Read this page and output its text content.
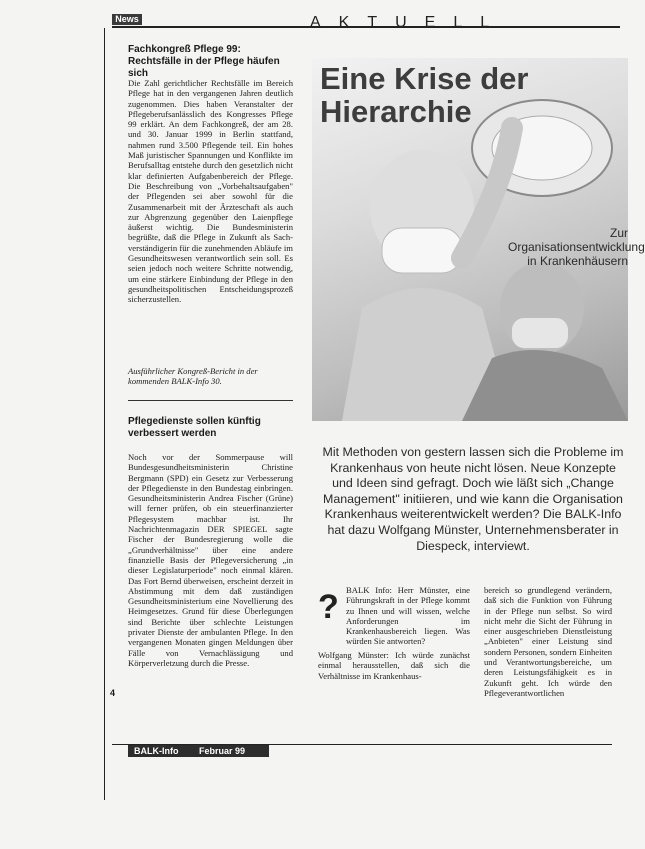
News	AKTUELL
Fachkongreß Pflege 99: Rechtsfälle in der Pflege häufen sich
Die Zahl gerichtlicher Rechtsfälle im Bereich Pflege hat in den vergangenen Jahren deutlich zugenommen. Dies haben Veranstalter der Pflegeberufsanlässlich des Kongresses Pflege 99 erklärt. An dem Fachkongreß, der am 28. und 30. Januar 1999 in Berlin stattfand, nahmen rund 3.500 Pflegende teil. Ein hohes Maß juristischer Spannungen und Konflikte im Berufsalltag entstehe durch den gesetzlich nicht klar definierten Aufgabenbereich der Pflege. Die Beschreibung von „Vorbehaltsaufgaben" der Pflegenden sei aber sowohl für die Zusammenarbeit mit der Ärzteschaft als auch zur Abgrenzung gegenüber den Laienpflege äußerst wichtig. Die Bundesministerin begrüßte, daß die Pflege in Zukunft als Sach-verständigerin für die zunehmenden Abläufe im Gesundheitswesen verantwortlich sein soll. Es seien jedoch noch weitere Schritte notwendig, um eine stärkere Einbindung der Pflege in den gesundheitspolitischen Entscheidungsprozeß sicherzustellen.
Ausführlicher Kongreß-Bericht in der kommenden BALK-Info 30.
Pflegedienste sollen künftig verbessert werden
Noch vor der Sommerpause will Bundesgesundheitsministerin Christine Bergmann (SPD) ein Gesetz zur Verbesserung der Pflegedienste in den Bundestag einbringen. Gesundheitsministerin Andrea Fischer (Grüne) will ferner prüfen, ob ein steuerfinanzierter Pflegesystem machbar ist. Ihr Nachrichtenmagazin DER SPIEGEL sagte Fischer der Bundesregierung wolle die „Grundverhältnisse" über eine andere finanzielle Basis der Pflegeversicherung „in dieser Legislaturperiode" noch einmal klären. Das Fort Bernd überweisen, erscheint derzeit in Abstimmung mit dem daß zuständigen Gesundheitsministerium eine Novellierung des Heimgesetzes. Grund für diese Überlegungen sind Berichte über schlechte Leistungen privater Dienste der ambulanten Pflege. In den vergangenen Monaten gingen Meldungen über Fälle von Vernachlässigung und Körperverletzung durch die Presse.
Eine Krise der Hierarchie
Zur Organisationsentwicklung in Krankenhäusern
Mit Methoden von gestern lassen sich die Probleme im Krankenhaus von heute nicht lösen. Neue Konzepte und Ideen sind gefragt. Doch wie läßt sich „Change Management" initiieren, und wie kann die Organisation Krankenhaus weiterentwickelt werden? Die BALK-Info hat dazu Wolfgang Münster, Unternehmensberater in Diespeck, interviewt.
? BALK Info: Herr Münster, eine Führungskraft in der Pflege kommt zu Ihnen und will wissen, welche Anforderungen im Krankenhausbereich liegen. Was würden Sie antworten?
Wolfgang Münster: Ich würde zunächst einmal herausstellen, daß sich die Verhältnisse im Krankenhaus-
bereich so grundlegend verändern, daß sich die Funktion von Führung in der Pflege nun selbst. So wird nicht mehr die Sicht der Führung in einer ausgeschrieben Dienstleistung „Anbieten" einer Leistung sind sondern Personen, sondern Einheiten und Verantwortungsbereiche, um deren Leistungsfähigkeit es in Zukunft geht. Ich würde den Pflegeverantwortlichen
4
BALK-Info Februar 99
